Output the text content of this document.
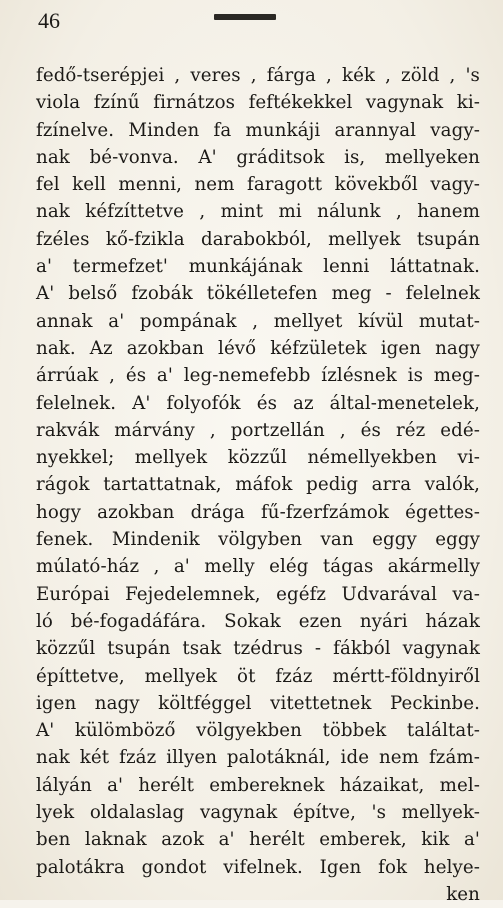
46
fedő-tserépjei , veres , fárga , kék , zöld , 's
viola fzínű firnátzos feftékekkel vagynak ki-
fzínelve. Minden fa munkáji arannyal vagy-
nak bé-vonva. A' gráditsok is, mellyeken
fel kell menni, nem faragott kövekből vagy-
nak kéfzíttetve , mint mi nálunk , hanem
fzéles kő-fzikla darabokból, mellyek tsupán
a' termefzet' munkájának lenni láttatnak.
A' belső fzobák tökélletefen meg - felelnek
annak a' pompának , mellyet kívül mutat-
nak. Az azokban lévő kéfzületek igen nagy
árrúak , és a' leg-nemefebb ízlésnek is meg-
felelnek. A' folyofók és az által-menetelek,
rakvák márvány , portzellán , és réz edé-
nyekkel; mellyek közzűl némellyekben vi-
rágok tartattatnak, máfok pedig arra valók,
hogy azokban drága fű-fzerfzámok égettes-
fenek. Mindenik völgyben van eggy eggy
múlató-ház , a' melly elég tágas akármelly
Európai Fejedelemnek, egéfz Udvarával va-
ló bé-fogadáfára. Sokak ezen nyári házak
közzűl tsupán tsak tzédrus - fákból vagynak
építtetve, mellyek öt fzáz mértt-földnyiről
igen nagy költféggel vitettetnek Peckinbe.
A' külömböző völgyekben többek találtat-
nak két fzáz illyen palotáknál, ide nem fzám-
lályán a' herélt embereknek házaikat, mel-
lyek oldalaslag vagynak építve, 's mellyek-
ben laknak azok a' herélt emberek, kik a'
palotákra gondot vifelnek. Igen fok helye-
ken
